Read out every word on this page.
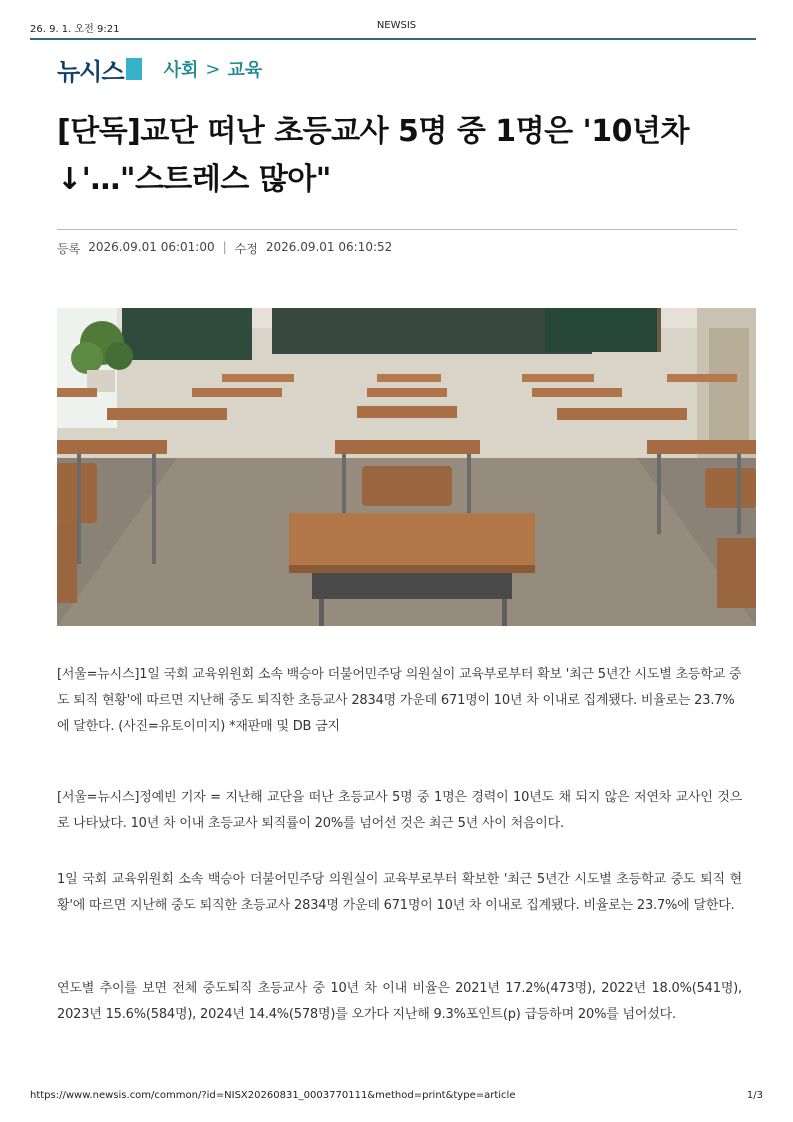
26. 9. 1. 오전 9:21	NEWSIS
뉴시스 사회 > 교육
[단독]교단 떠난 초등교사 5명 중 1명은 '10년차
↓'…"스트레스 많아"
등록 2026.09.01 06:01:00 | 수정 2026.09.01 06:10:52

[서울=뉴시스]1일 국회 교육위원회 소속 백승아 더불어민주당 의원실이 교육부로부터 확보 '최근 5년간 시도별 초등학교 중도 퇴직 현황'에 따르면 지난해 중도 퇴직한 초등교사 2834명 가운데 671명이 10년 차 이내로 집계됐다. 비율로는 23.7%에 달한다. (사진=유토이미지) *재판매 및 DB 금지

[서울=뉴시스]정예빈 기자 = 지난해 교단을 떠난 초등교사 5명 중 1명은 경력이 10년도 채 되지 않은 저연차 교사인 것으로 나타났다. 10년 차 이내 초등교사 퇴직률이 20%를 넘어선 것은 최근 5년 사이 처음이다.

1일 국회 교육위원회 소속 백승아 더불어민주당 의원실이 교육부로부터 확보한 '최근 5년간 시도별 초등학교 중도 퇴직 현황'에 따르면 지난해 중도 퇴직한 초등교사 2834명 가운데 671명이 10년 차 이내로 집계됐다. 비율로는 23.7%에 달한다.

연도별 추이를 보면 전체 중도퇴직 초등교사 중 10년 차 이내 비율은 2021년 17.2%(473명), 2022년 18.0%(541명), 2023년 15.6%(584명), 2024년 14.4%(578명)를 오가다 지난해 9.3%포인트(p) 급등하며 20%를 넘어섰다.

https://www.newsis.com/common/?id=NISX20260831_0003770111&method=print&type=article	1/3
